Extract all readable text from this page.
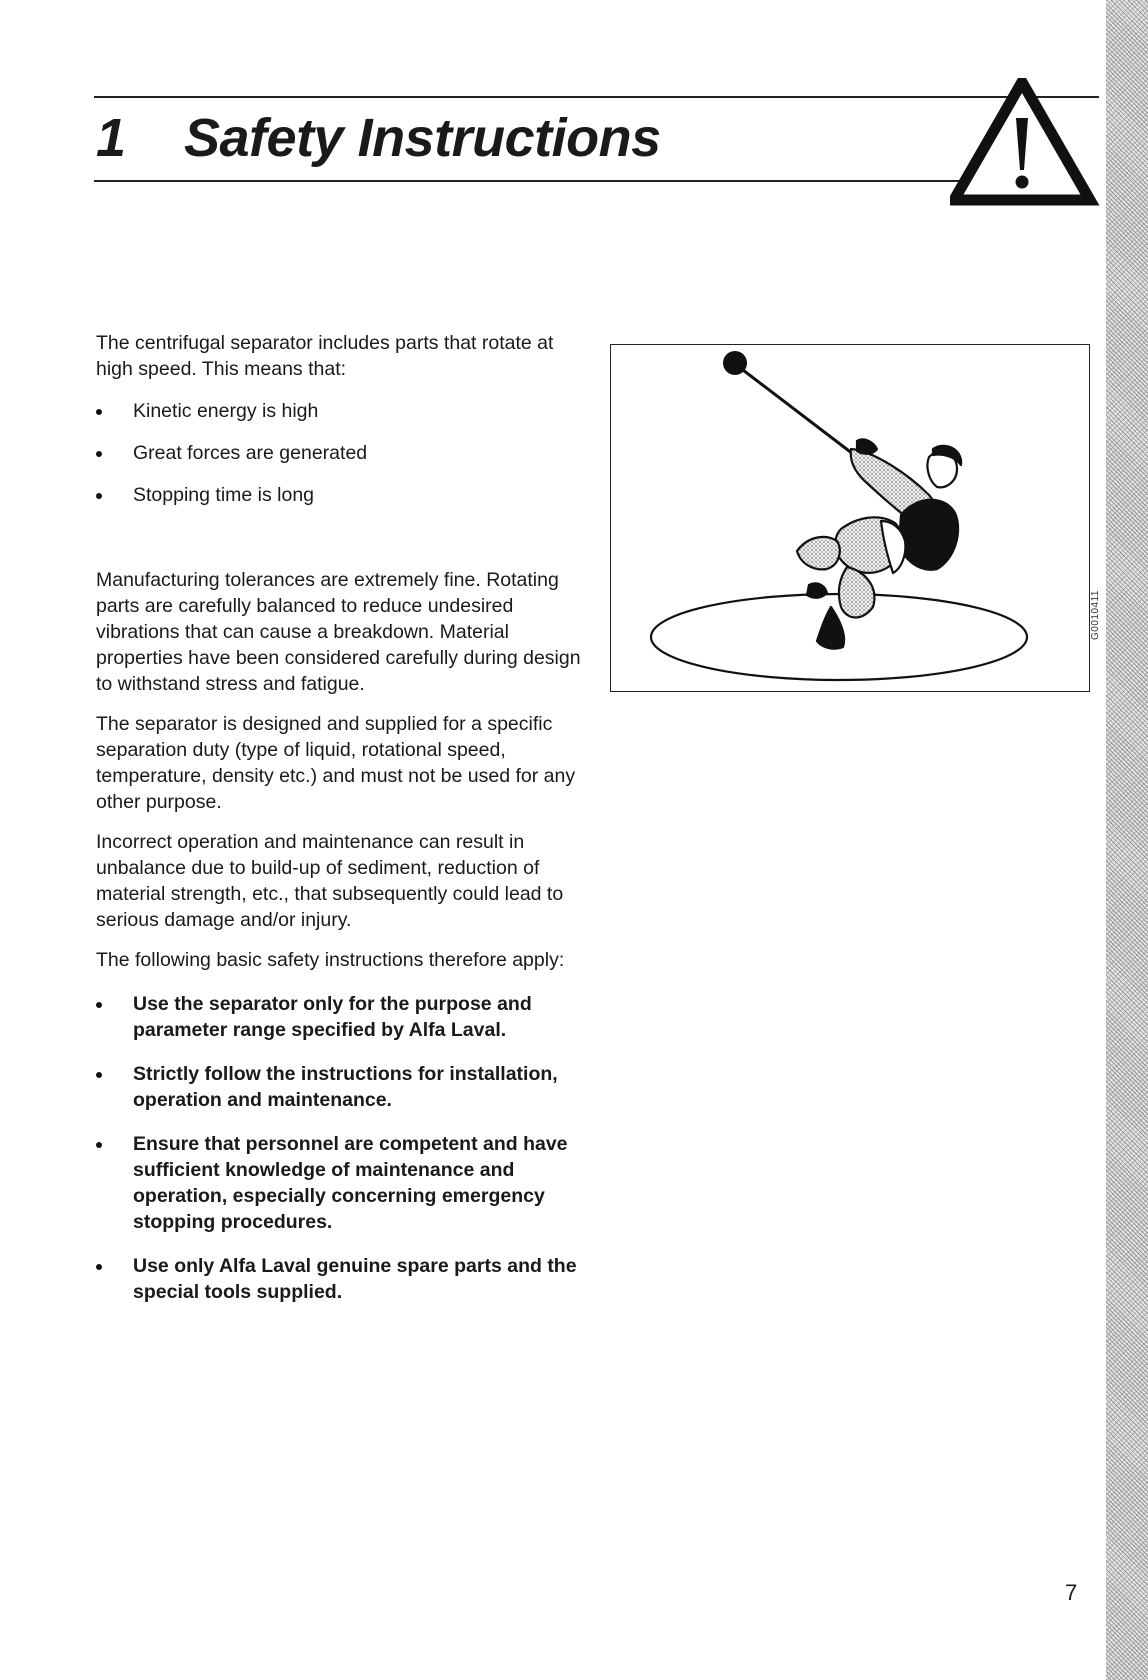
1 Safety Instructions

The centrifugal separator includes parts that rotate at high speed. This means that:

Kinetic energy is high
Great forces are generated
Stopping time is long

Manufacturing tolerances are extremely fine. Rotating parts are carefully balanced to reduce undesired vibrations that can cause a breakdown. Material properties have been considered carefully during design to withstand stress and fatigue.

The separator is designed and supplied for a specific separation duty (type of liquid, rotational speed, temperature, density etc.) and must not be used for any other purpose.

Incorrect operation and maintenance can result in unbalance due to build-up of sediment, reduction of material strength, etc., that subsequently could lead to serious damage and/or injury.

The following basic safety instructions therefore apply:

Use the separator only for the purpose and parameter range specified by Alfa Laval.
Strictly follow the instructions for installation, operation and maintenance.
Ensure that personnel are competent and have sufficient knowledge of maintenance and operation, especially concerning emergency stopping procedures.
Use only Alfa Laval genuine spare parts and the special tools supplied.
G0010411
7
